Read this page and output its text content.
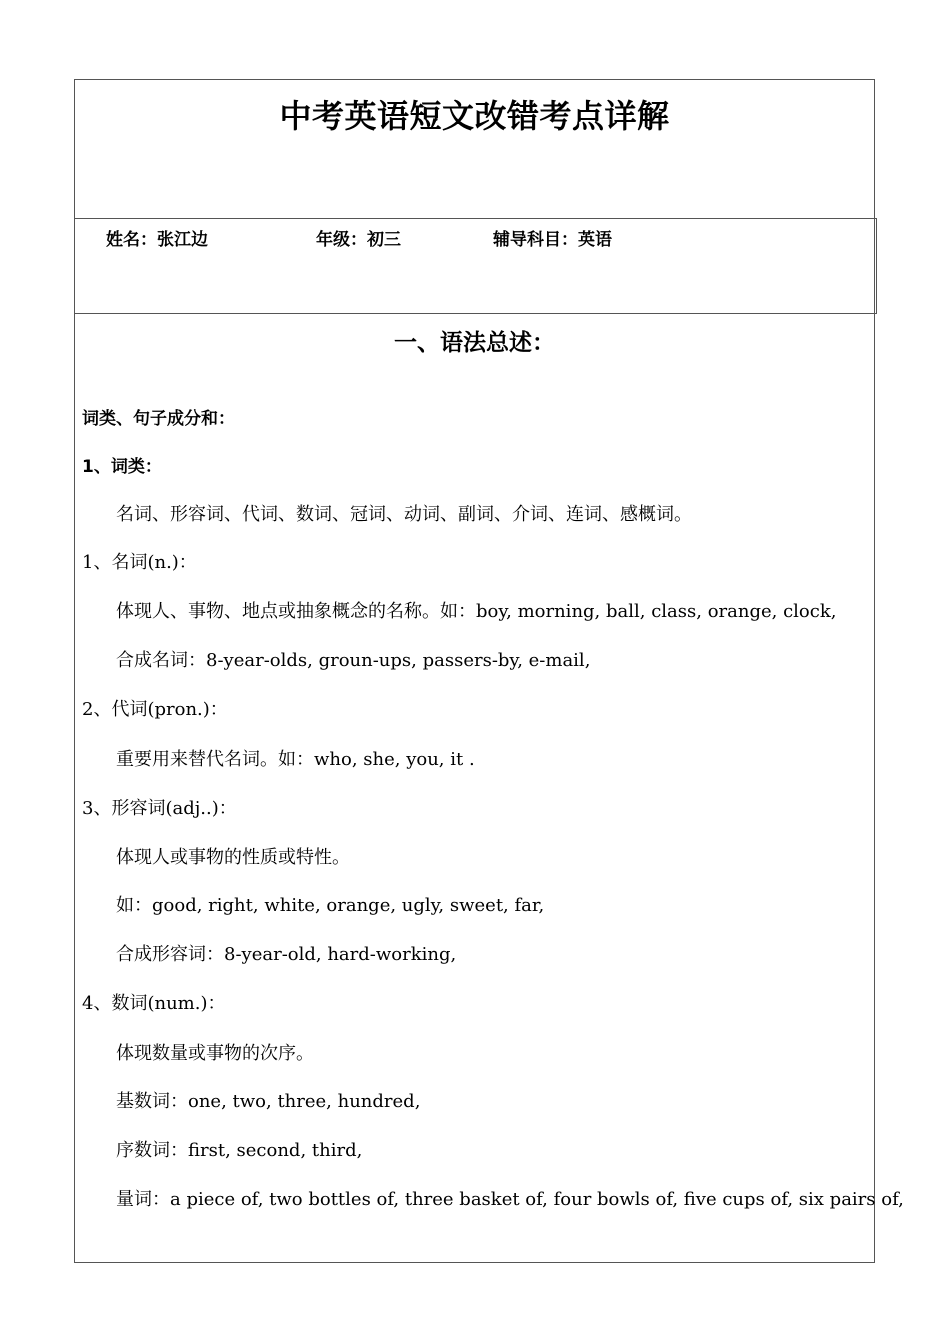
中考英语短文改错考点详解
姓名：张江边	年级：初三	辅导科目：英语
一、语法总述：
词类、句子成分和：
1、词类：
名词、形容词、代词、数词、冠词、动词、副词、介词、连词、感概词。
1、名词(n.)：
体现人、事物、地点或抽象概念的名称。如：boy, morning, ball, class, orange, clock,
合成名词：8-year-olds, groun-ups, passers-by, e-mail,
2、代词(pron.)：
重要用来替代名词。如：who, she, you, it .
3、形容词(adj..)：
体现人或事物的性质或特性。
如：good, right, white, orange, ugly, sweet, far,
合成形容词：8-year-old, hard-working,
4、数词(num.)：
体现数量或事物的次序。
基数词：one, two, three, hundred,
序数词：first, second, third,
量词：a piece of, two bottles of, three basket of, four bowls of, five cups of, six pairs of,
